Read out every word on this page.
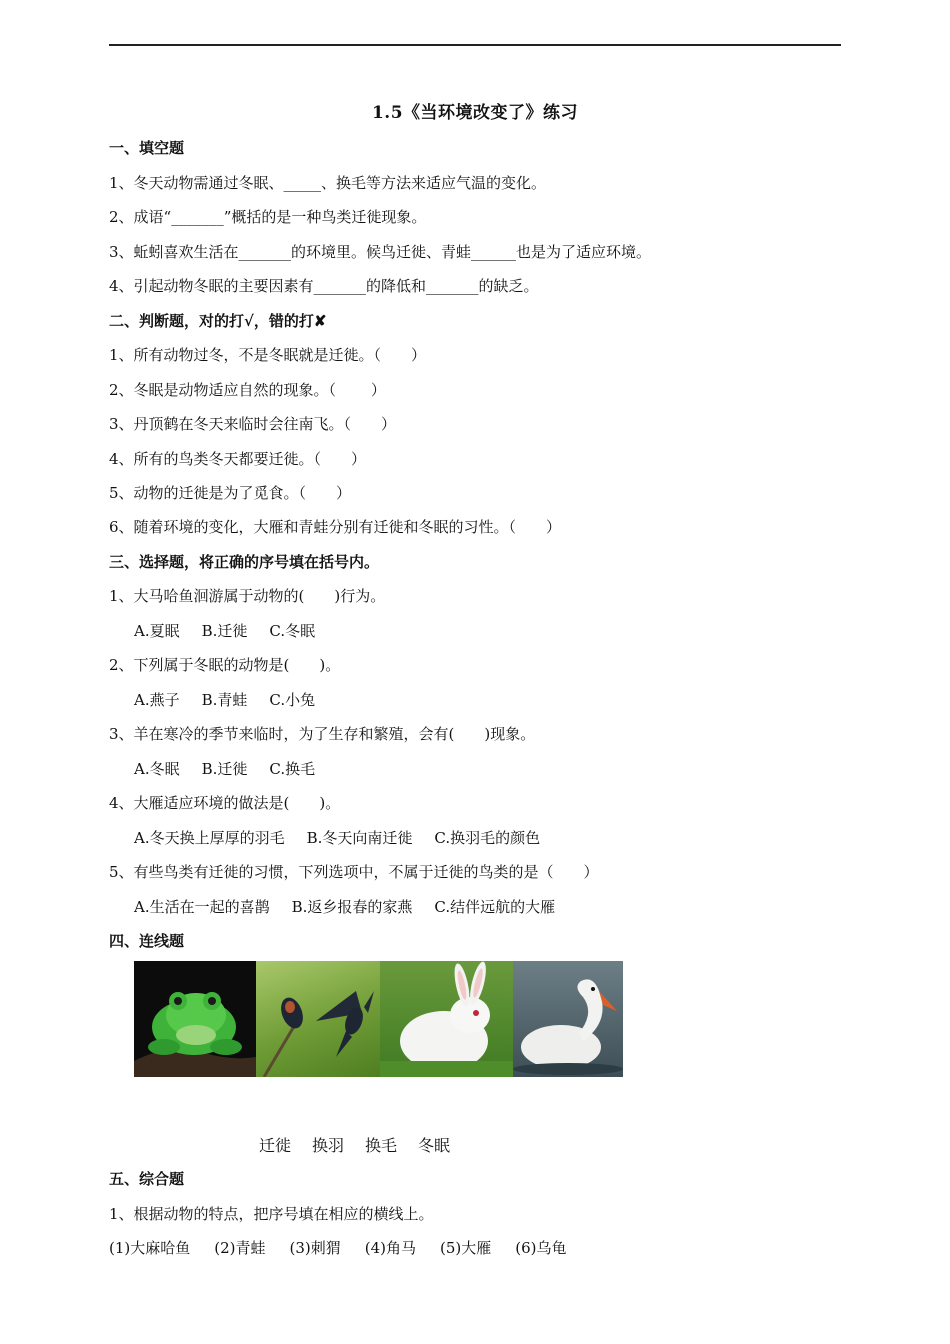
1.5《当环境改变了》练习
一、填空题
1、冬天动物需通过冬眠、_____、换毛等方法来适应气温的变化。
2、成语“_______”概括的是一种鸟类迁徙现象。
3、蚯蚓喜欢生活在_______的环境里。候鸟迁徙、青蛙______也是为了适应环境。
4、引起动物冬眠的主要因素有_______的降低和_______的缺乏。
二、判断题，对的打√，错的打✘
1、所有动物过冬，不是冬眠就是迁徙。（　　）
2、冬眠是动物适应自然的现象。（　　 ）
3、丹顶鹤在冬天来临时会往南飞。（　　）
4、所有的鸟类冬天都要迁徙。（　　）
5、动物的迁徙是为了觅食。（　　）
6、随着环境的变化，大雁和青蛙分别有迁徙和冬眠的习性。（　　）
三、选择题，将正确的序号填在括号内。
1、大马哈鱼洄游属于动物的(　　)行为。
A.夏眠 B.迁徙 C.冬眠
2、下列属于冬眠的动物是(　　)。
A.燕子 B.青蛙 C.小兔
3、羊在寒冷的季节来临时，为了生存和繁殖，会有(　　)现象。
A.冬眠 B.迁徙 C.换毛
4、大雁适应环境的做法是(　　)。
A.冬天换上厚厚的羽毛 B.冬天向南迁徙 C.换羽毛的颜色
5、有些鸟类有迁徙的习惯，下列选项中，不属于迁徙的鸟类的是（　　）
A.生活在一起的喜鹊 B.返乡报春的家燕 C.结伴远航的大雁
四、连线题
迁徙 换羽 换毛 冬眠
五、综合题
1、根据动物的特点，把序号填在相应的横线上。
(1)大麻哈鱼 (2)青蛙 (3)刺猬 (4)角马 (5)大雁 (6)乌龟
